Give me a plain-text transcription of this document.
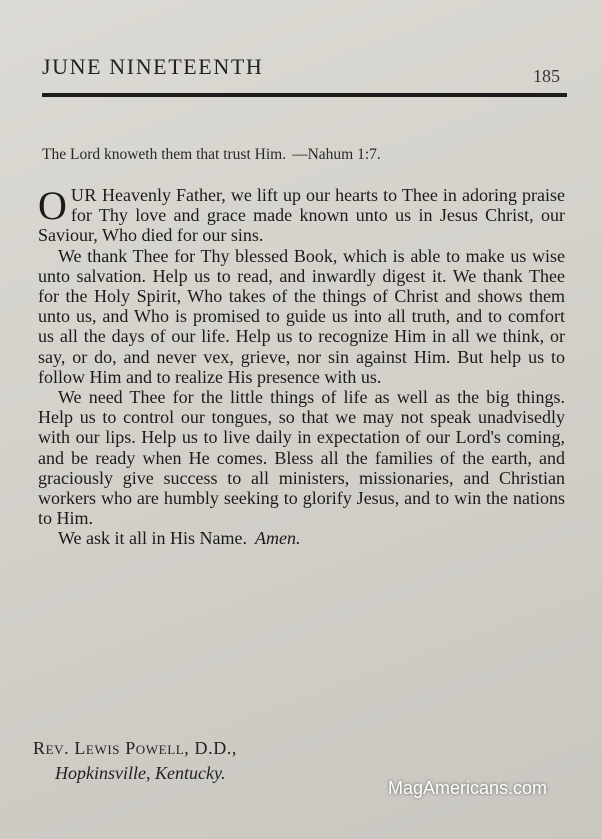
JUNE NINETEENTH	185
The Lord knoweth them that trust Him. —Nahum 1:7.

OUR Heavenly Father, we lift up our hearts to Thee in adoring praise for Thy love and grace made known unto us in Jesus Christ, our Saviour, Who died for our sins.

We thank Thee for Thy blessed Book, which is able to make us wise unto salvation. Help us to read, and inwardly digest it. We thank Thee for the Holy Spirit, Who takes of the things of Christ and shows them unto us, and Who is promised to guide us into all truth, and to comfort us all the days of our life. Help us to recognize Him in all we think, or say, or do, and never vex, grieve, nor sin against Him. But help us to follow Him and to realize His presence with us.

We need Thee for the little things of life as well as the big things. Help us to control our tongues, so that we may not speak unadvisedly with our lips. Help us to live daily in expectation of our Lord's coming, and be ready when He comes. Bless all the families of the earth, and graciously give success to all ministers, missionaries, and Christian workers who are humbly seeking to glorify Jesus, and to win the nations to Him.

We ask it all in His Name. Amen.

Rev. Lewis Powell, D.D.,
Hopkinsville, Kentucky.
MagAmericans.com
